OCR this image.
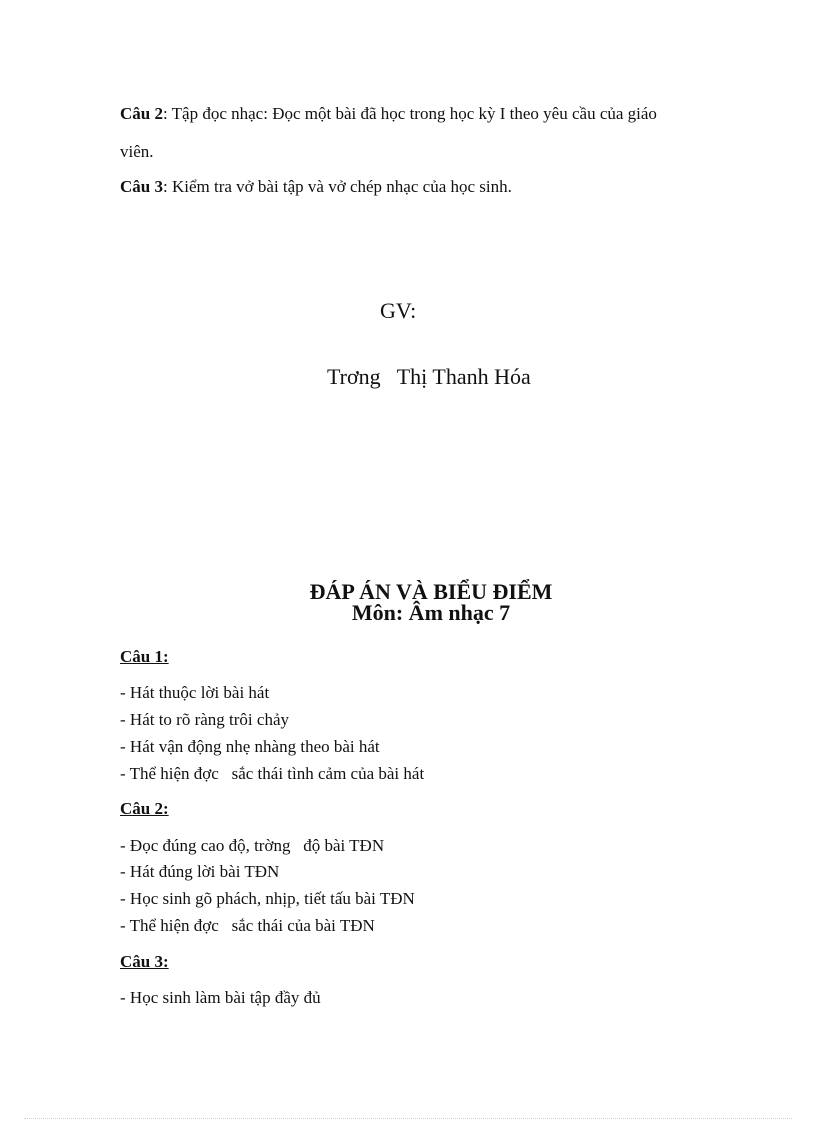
Câu 2: Tập đọc nhạc: Đọc một bài đã học trong học kỳ I theo yêu cầu của giáo
viên.
Câu 3: Kiểm tra vở bài tập và vở chép nhạc của học sinh.
GV:
Trơng   Thị Thanh Hóa
ĐÁP ÁN VÀ BIỂU ĐIỂM
Môn: Âm nhạc 7
Câu 1:
- Hát thuộc lời bài hát
- Hát to rõ ràng trôi chảy
- Hát vận động nhẹ nhàng theo bài hát
- Thể hiện đợc   sắc thái tình cảm của bài hát
Câu 2:
- Đọc đúng cao độ, trờng   độ bài TĐN
- Hát đúng lời bài TĐN
- Học sinh gõ phách, nhịp, tiết tấu bài TĐN
- Thể hiện đợc   sắc thái của bài TĐN
Câu 3:
- Học sinh làm bài tập đầy đủ
